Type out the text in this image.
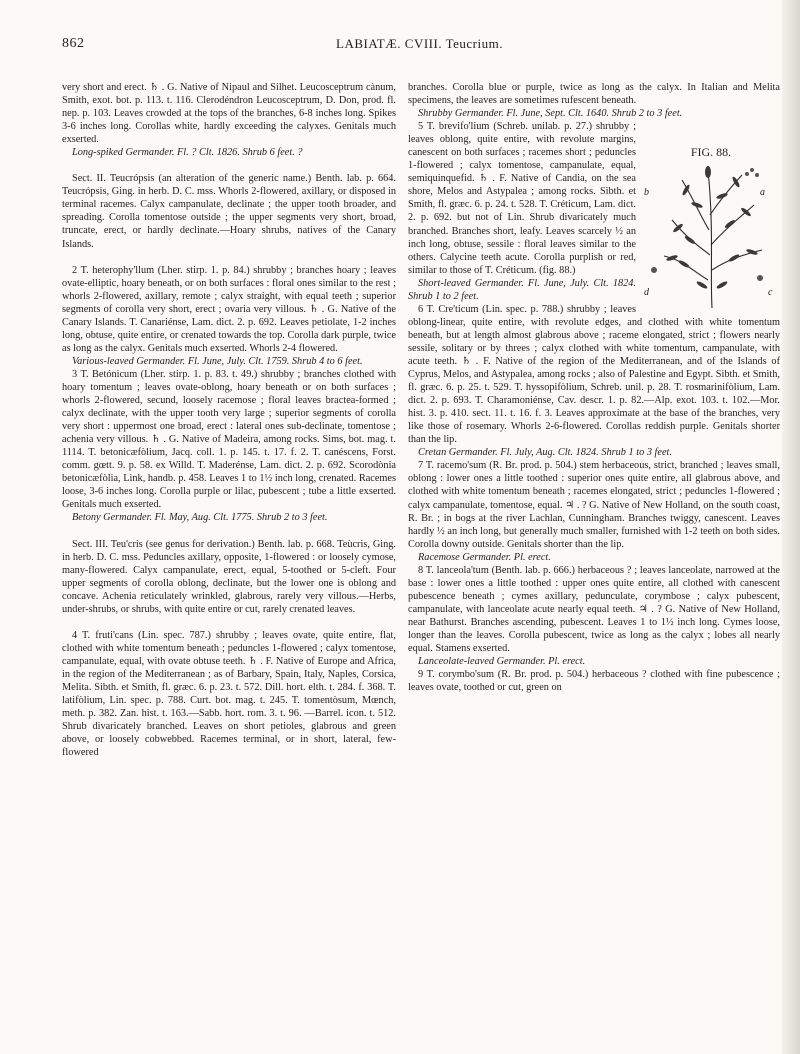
862	LABIATÆ. CVIII. Teucrium.

very short and erect. ♄ . G. Native of Nipaul and Silhet. Leucosceptrum cànum, Smith, exot. bot. p. 113. t. 116. Clerodéndron Leucosceptrum, D. Don, prod. fl. nep. p. 103. Leaves crowded at the tops of the branches, 6-8 inches long. Spikes 3-6 inches long. Corollas white, hardly exceeding the calyxes. Genitals much exserted.

Long-spiked Germander. Fl. ? Clt. 1826. Shrub 6 feet. ?

Sect. II. Teucrópsis (an alteration of the generic name.) Benth. lab. p. 664. Teucrópsis, Ging. in herb. D. C. mss. Whorls 2-flowered, axillary, or disposed in terminal racemes. Calyx campanulate, declinate ; the upper tooth broader, and spreading. Corolla tomentose outside ; the upper segments very short, broad, truncate, erect, or hardly declinate.—Hoary shrubs, natives of the Canary Islands.

2 T. heterophy'llum (Lher. stirp. 1. p. 84.) shrubby ; branches hoary ; leaves ovate-elliptic, hoary beneath, or on both surfaces : floral ones similar to the rest ; whorls 2-flowered, axillary, remote ; calyx straight, with equal teeth ; superior segments of corolla very short, erect ; ovaria very villous. ♄ . G. Native of the Canary Islands. T. Canariénse, Lam. dict. 2. p. 692. Leaves petiolate, 1-2 inches long, obtuse, quite entire, or crenated towards the top. Corolla dark purple, twice as long as the calyx. Genitals much exserted. Whorls 2-4 flowered.

Various-leaved Germander. Fl. June, July. Clt. 1759. Shrub 4 to 6 feet.

3 T. Betónicum (Lher. stirp. 1. p. 83. t. 49.) shrubby ; branches clothed with hoary tomentum ; leaves ovate-oblong, hoary beneath or on both surfaces ; whorls 2-flowered, secund, loosely racemose ; floral leaves bractea-formed ; calyx declinate, with the upper tooth very large ; superior segments of corolla very short : uppermost one broad, erect : lateral ones sub-declinate, tomentose ; achenia very villous. ♄ . G. Native of Madeira, among rocks. Sims, bot. mag. t. 1114. T. betonicæfòlium, Jacq. coll. 1. p. 145. t. 17. f. 2. T. canéscens, Forst. comm. gœtt. 9. p. 58. ex Willd. T. Maderénse, Lam. dict. 2. p. 692. Scorodònia betonicæfòlia, Link, handb. p. 458. Leaves 1 to 1½ inch long, crenated. Racemes loose, 3-6 inches long. Corolla purple or lilac, pubescent ; tube a little exserted. Genitals much exserted.

Betony Germander. Fl. May, Aug. Clt. 1775. Shrub 2 to 3 feet.

Sect. III. Teu'cris (see genus for derivation.) Benth. lab. p. 668. Teùcris, Ging. in herb. D. C. mss. Peduncles axillary, opposite, 1-flowered : or loosely cymose, many-flowered. Calyx campanulate, erect, equal, 5-toothed or 5-cleft. Four upper segments of corolla oblong, declinate, but the lower one is oblong and concave. Achenia reticulately wrinkled, glabrous, rarely very villous.—Herbs, under-shrubs, or shrubs, with quite entire or cut, rarely crenated leaves.

4 T. fruti'cans (Lin. spec. 787.) shrubby ; leaves ovate, quite entire, flat, clothed with white tomentum beneath ; peduncles 1-flowered ; calyx tomentose, campanulate, equal, with ovate obtuse teeth. ♄ . F. Native of Europe and Africa, in the region of the Mediterranean ; as of Barbary, Spain, Italy, Naples, Corsica, Melita. Sibth. et Smith, fl. græc. 6. p. 23. t. 572. Dill. hort. elth. t. 284. f. 368. T. latifòlium, Lin. spec. p. 788. Curt. bot. mag. t. 245. T. tomentòsum, Mœnch, meth. p. 382. Zan. hist. t. 163.—Sabb. hort. rom. 3. t. 96. —Barrel. icon. t. 512. Shrub divaricately branched. Leaves on short petioles, glabrous and green above, or loosely cobwebbed. Racemes terminal, or in short, lateral, few-flowered

branches. Corolla blue or purple, twice as long as the calyx. In Italian and Melita specimens, the leaves are sometimes rufescent beneath.

Shrubby Germander. Fl. June, Sept. Clt. 1640. Shrub 2 to 3 feet.

FIG. 88.
a
b
c
d

5 T. brevifo'lium (Schreb. unilab. p. 27.) shrubby ; leaves oblong, quite entire, with revolute margins, canescent on both surfaces ; racemes short ; peduncles 1-flowered ; calyx tomentose, campanulate, equal, semiquinquefid. ♄ . F. Native of Candia, on the sea shore, Melos and Astypalea ; among rocks. Sibth. et Smith, fl. græc. 6. p. 24. t. 528. T. Créticum, Lam. dict. 2. p. 692. but not of Lin. Shrub divaricately much branched. Branches short, leafy. Leaves scarcely ½ an inch long, obtuse, sessile : floral leaves similar to the others. Calycine teeth acute. Corolla purplish or red, similar to those of T. Créticum. (fig. 88.)

Short-leaved Germander. Fl. June, July. Clt. 1824. Shrub 1 to 2 feet.

6 T. Cre'ticum (Lin. spec. p. 788.) shrubby ; leaves oblong-linear, quite entire, with revolute edges, and clothed with white tomentum beneath, but at length almost glabrous above ; raceme elongated, strict ; flowers nearly sessile, solitary or by threes ; calyx clothed with white tomentum, campanulate, with acute teeth. ♄ . F. Native of the region of the Mediterranean, and of the Islands of Cyprus, Melos, and Astypalea, among rocks ; also of Palestine and Egypt. Sibth. et Smith, fl. græc. 6. p. 25. t. 529. T. hyssopifòlium, Schreb. unil. p. 28. T. rosmarinifòlium, Lam. dict. 2. p. 693. T. Charamoniénse, Cav. descr. 1. p. 82.—Alp. exot. 103. t. 102.—Mor. hist. 3. p. 410. sect. 11. t. 16. f. 3. Leaves approximate at the base of the branches, very like those of rosemary. Whorls 2-6-flowered. Corollas reddish purple. Genitals shorter than the lip.

Cretan Germander. Fl. July, Aug. Clt. 1824. Shrub 1 to 3 feet.

7 T. racemo'sum (R. Br. prod. p. 504.) stem herbaceous, strict, branched ; leaves small, oblong : lower ones a little toothed : superior ones quite entire, all glabrous above, and clothed with white tomentum beneath ; racemes elongated, strict ; peduncles 1-flowered ; calyx campanulate, tomentose, equal. ♃ . ? G. Native of New Holland, on the south coast, R. Br. ; in bogs at the river Lachlan, Cunningham. Branches twiggy, canescent. Leaves hardly ½ an inch long, but generally much smaller, furnished with 1-2 teeth on both sides. Corolla downy outside. Genitals shorter than the lip.

Racemose Germander. Pl. erect.

8 T. lanceola'tum (Benth. lab. p. 666.) herbaceous ? ; leaves lanceolate, narrowed at the base : lower ones a little toothed : upper ones quite entire, all clothed with canescent pubescence beneath ; cymes axillary, pedunculate, corymbose ; calyx pubescent, campanulate, with lanceolate acute nearly equal teeth. ♃ . ? G. Native of New Holland, near Bathurst. Branches ascending, pubescent. Leaves 1 to 1½ inch long. Cymes loose, longer than the leaves. Corolla pubescent, twice as long as the calyx ; lobes all nearly equal. Stamens exserted.

Lanceolate-leaved Germander. Pl. erect.

9 T. corymbo'sum (R. Br. prod. p. 504.) herbaceous ? clothed with fine pubescence ; leaves ovate, toothed or cut, green on
